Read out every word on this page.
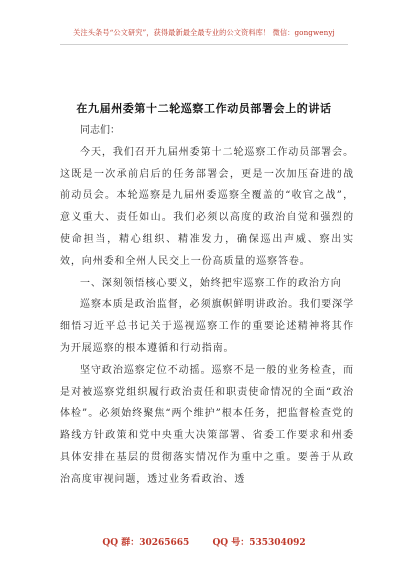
关注头条号“公文研究”，获得最新最全最专业的公文资料库！ 微信：gongwenyj
在九届州委第十二轮巡察工作动员部署会上的讲话
同志们：

今天，我们召开九届州委第十二轮巡察工作动员部署会。这既是一次承前启后的任务部署会，更是一次加压奋进的战前动员会。本轮巡察是九届州委巡察全覆盖的“收官之战”，意义重大、责任如山。我们必须以高度的政治自觉和强烈的使命担当，精心组织、精准发力，确保巡出声威、察出实效，向州委和全州人民交上一份高质量的巡察答卷。

一、深刻领悟核心要义，始终把牢巡察工作的政治方向

巡察本质是政治监督，必须旗帜鲜明讲政治。我们要深学细悟习近平总书记关于巡视巡察工作的重要论述精神将其作为开展巡察的根本遵循和行动指南。

坚守政治巡察定位不动摇。巡察不是一般的业务检查，而是对被巡察党组织履行政治责任和职责使命情况的全面“政治体检”。必须始终聚焦“两个维护”根本任务，把监督检查党的路线方针政策和党中央重大决策部署、省委工作要求和州委具体安排在基层的贯彻落实情况作为重中之重。要善于从政治高度审视问题，透过业务看政治、透

QQ 群：30265665	QQ 号：535304092
